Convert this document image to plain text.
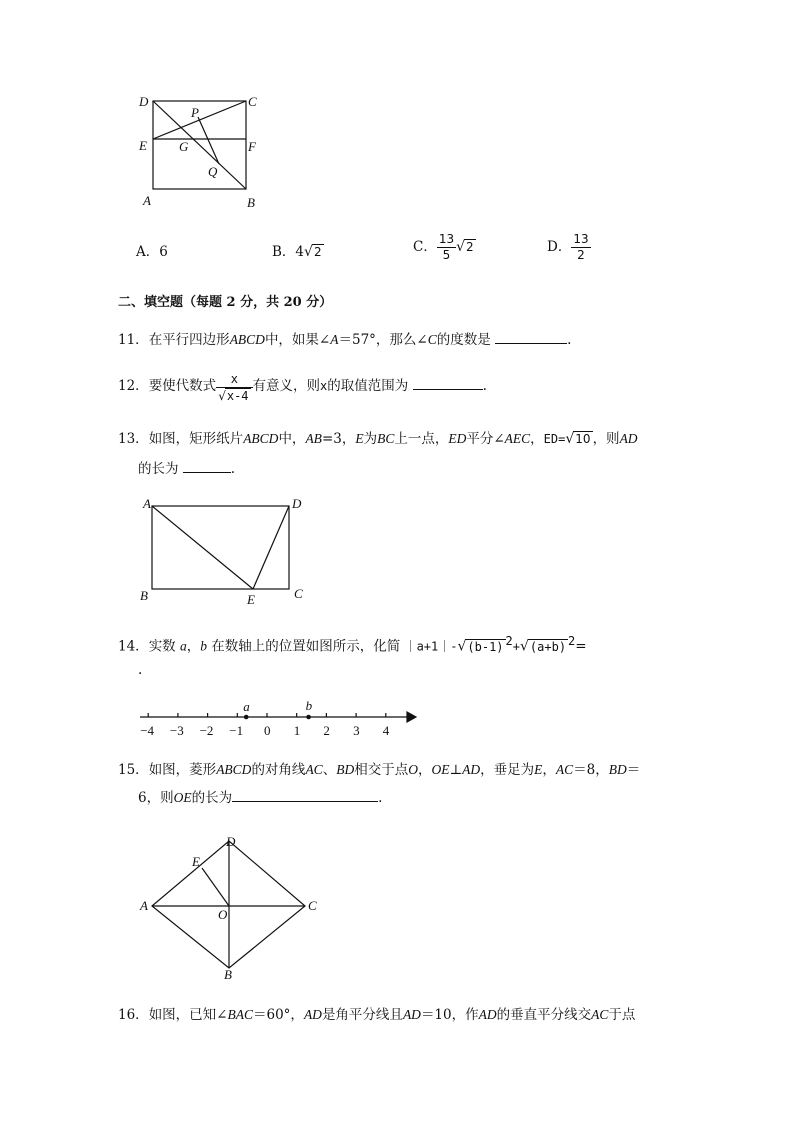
D	C
P
E G	F
Q
A	B
A．6	B．4√2	C． $\frac{13}{5} √2$	D． $\frac{13}{2}$
二、填空题（每题 2 分，共 20 分）
11．在平行四边形ABCD中，如果∠A＝57°，那么∠C的度数是	.
12．要使代数式 $\frac{x}{√x-4}$ 有意义，则x的取值范围为	.
13．如图，矩形纸片ABCD中，AB=3，E为BC上一点，ED平分∠AEC，ED=√10 ，则AD
的长为	.
A	D
B	E	C
14．实数 a，b 在数轴上的位置如图所示，化简 ｜a+1｜-√(b-1) $^2$+√(a+b) $^2$=
.
−4 −3 −2 −1 0 1 2 3 4
a	b
15．如图，菱形ABCD的对角线AC、BD相交于点O，OE⊥AD，垂足为E，AC＝8，BD＝
6，则OE的长为	.
D
E
A
O
C
B
16．如图，已知∠BAC＝60°，AD是角平分线且AD＝10，作AD的垂直平分线交AC于点
